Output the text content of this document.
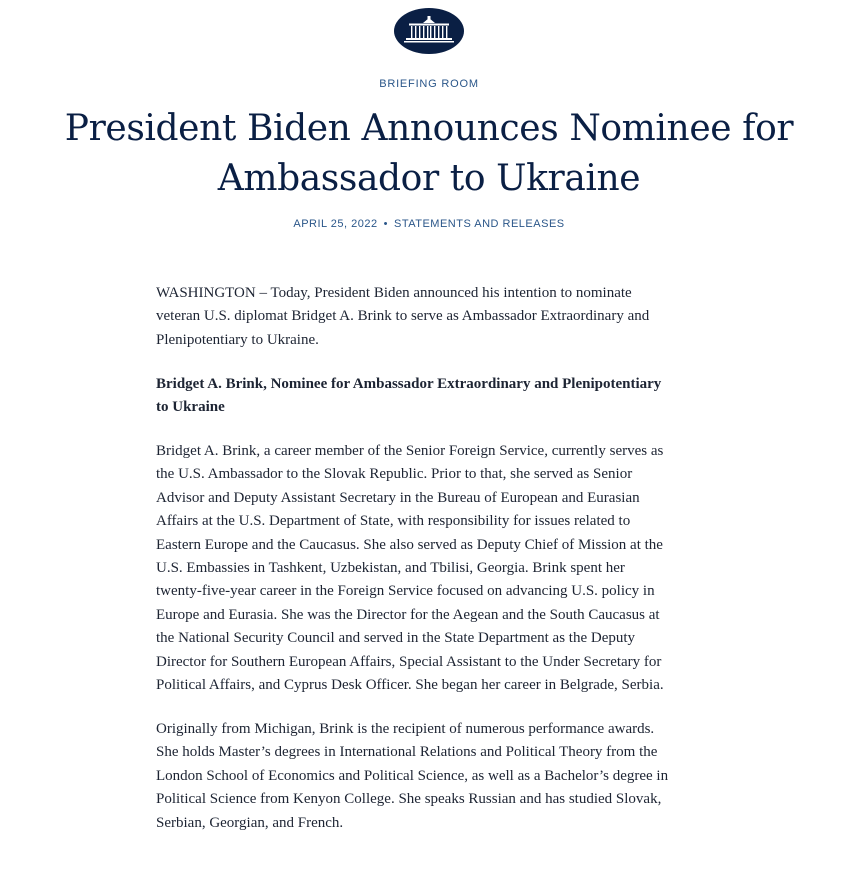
BRIEFING ROOM
President Biden Announces Nominee for Ambassador to Ukraine
APRIL 25, 2022 • STATEMENTS AND RELEASES

WASHINGTON – Today, President Biden announced his intention to nominate veteran U.S. diplomat Bridget A. Brink to serve as Ambassador Extraordinary and Plenipotentiary to Ukraine.

Bridget A. Brink, Nominee for Ambassador Extraordinary and Plenipotentiary to Ukraine

Bridget A. Brink, a career member of the Senior Foreign Service, currently serves as the U.S. Ambassador to the Slovak Republic. Prior to that, she served as Senior Advisor and Deputy Assistant Secretary in the Bureau of European and Eurasian Affairs at the U.S. Department of State, with responsibility for issues related to Eastern Europe and the Caucasus. She also served as Deputy Chief of Mission at the U.S. Embassies in Tashkent, Uzbekistan, and Tbilisi, Georgia. Brink spent her twenty-five-year career in the Foreign Service focused on advancing U.S. policy in Europe and Eurasia. She was the Director for the Aegean and the South Caucasus at the National Security Council and served in the State Department as the Deputy Director for Southern European Affairs, Special Assistant to the Under Secretary for Political Affairs, and Cyprus Desk Officer. She began her career in Belgrade, Serbia.

Originally from Michigan, Brink is the recipient of numerous performance awards. She holds Master’s degrees in International Relations and Political Theory from the London School of Economics and Political Science, as well as a Bachelor’s degree in Political Science from Kenyon College. She speaks Russian and has studied Slovak, Serbian, Georgian, and French.
